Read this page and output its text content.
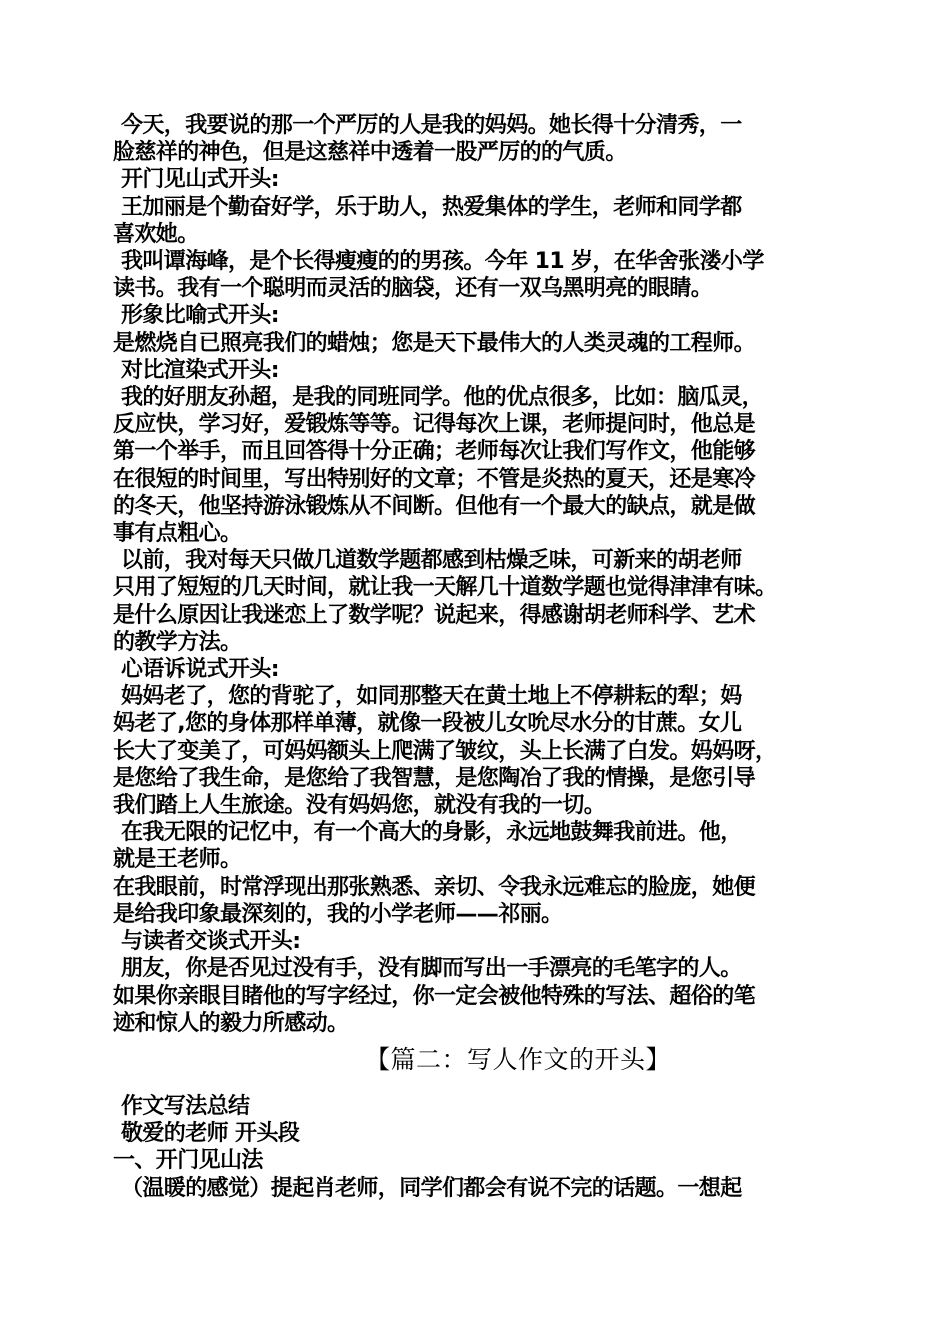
今天，我要说的那一个严厉的人是我的妈妈。她长得十分清秀，一
脸慈祥的神色，但是这慈祥中透着一股严厉的的气质。
开门见山式开头:
王加丽是个勤奋好学，乐于助人，热爱集体的学生，老师和同学都
喜欢她。
我叫谭海峰，是个长得瘦瘦的的男孩。今年 11 岁，在华舍张溇小学
读书。我有一个聪明而灵活的脑袋，还有一双乌黑明亮的眼睛。
形象比喻式开头:
是燃烧自已照亮我们的蜡烛；您是天下最伟大的人类灵魂的工程师。
对比渲染式开头:
我的好朋友孙超，是我的同班同学。他的优点很多，比如：脑瓜灵，
反应快，学习好，爱锻炼等等。记得每次上课，老师提问时，他总是
第一个举手，而且回答得十分正确；老师每次让我们写作文，他能够
在很短的时间里，写出特别好的文章；不管是炎热的夏天，还是寒冷
的冬天，他坚持游泳锻炼从不间断。但他有一个最大的缺点，就是做
事有点粗心。
以前，我对每天只做几道数学题都感到枯燥乏味，可新来的胡老师
只用了短短的几天时间，就让我一天解几十道数学题也觉得津津有味。
是什么原因让我迷恋上了数学呢？说起来，得感谢胡老师科学、艺术
的教学方法。
心语诉说式开头:
妈妈老了，您的背驼了，如同那整天在黄土地上不停耕耘的犁；妈
妈老了,您的身体那样单薄，就像一段被儿女吮尽水分的甘蔗。女儿
长大了变美了，可妈妈额头上爬满了皱纹，头上长满了白发。妈妈呀，
是您给了我生命，是您给了我智慧，是您陶冶了我的情操，是您引导
我们踏上人生旅途。没有妈妈您，就没有我的一切。
在我无限的记忆中，有一个高大的身影，永远地鼓舞我前进。他，
就是王老师。
在我眼前，时常浮现出那张熟悉、亲切、令我永远难忘的脸庞，她便
是给我印象最深刻的，我的小学老师——祁丽。
与读者交谈式开头:
朋友，你是否见过没有手，没有脚而写出一手漂亮的毛笔字的人。
如果你亲眼目睹他的写字经过，你一定会被他特殊的写法、超俗的笔
迹和惊人的毅力所感动。
【篇二：写人作文的开头】
作文写法总结
敬爱的老师 开头段
一、开门见山法
（温暖的感觉）提起肖老师，同学们都会有说不完的话题。一想起
